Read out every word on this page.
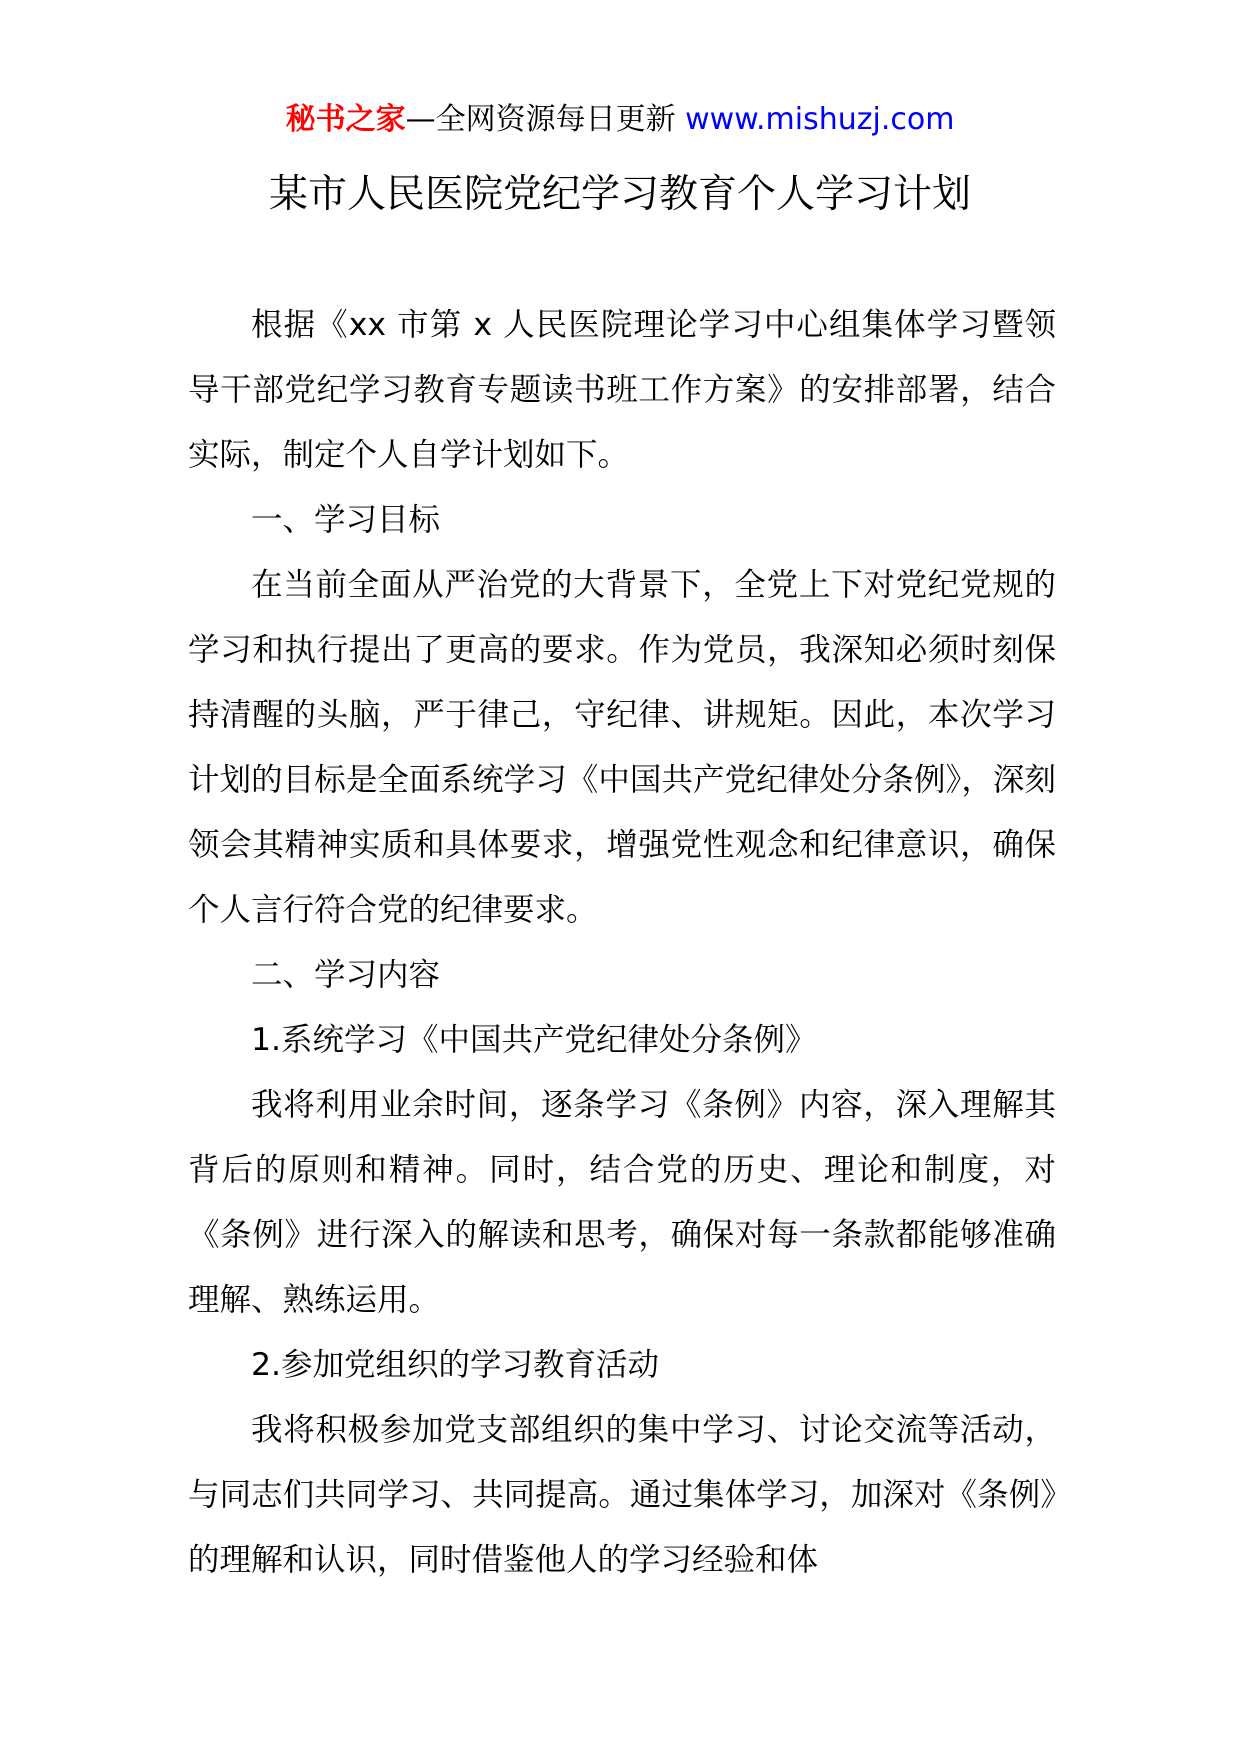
秘书之家—全网资源每日更新 www.mishuzj.com
某市人民医院党纪学习教育个人学习计划

根据《xx 市第 x 人民医院理论学习中心组集体学习暨领导干部党纪学习教育专题读书班工作方案》的安排部署，结合实际，制定个人自学计划如下。

一、学习目标

在当前全面从严治党的大背景下，全党上下对党纪党规的学习和执行提出了更高的要求。作为党员，我深知必须时刻保持清醒的头脑，严于律己，守纪律、讲规矩。因此，本次学习计划的目标是全面系统学习《中国共产党纪律处分条例》，深刻领会其精神实质和具体要求，增强党性观念和纪律意识，确保个人言行符合党的纪律要求。

二、学习内容

1.系统学习《中国共产党纪律处分条例》

我将利用业余时间，逐条学习《条例》内容，深入理解其背后的原则和精神。同时，结合党的历史、理论和制度，对《条例》进行深入的解读和思考，确保对每一条款都能够准确理解、熟练运用。

2.参加党组织的学习教育活动

我将积极参加党支部组织的集中学习、讨论交流等活动，与同志们共同学习、共同提高。通过集体学习，加深对《条例》的理解和认识，同时借鉴他人的学习经验和体
